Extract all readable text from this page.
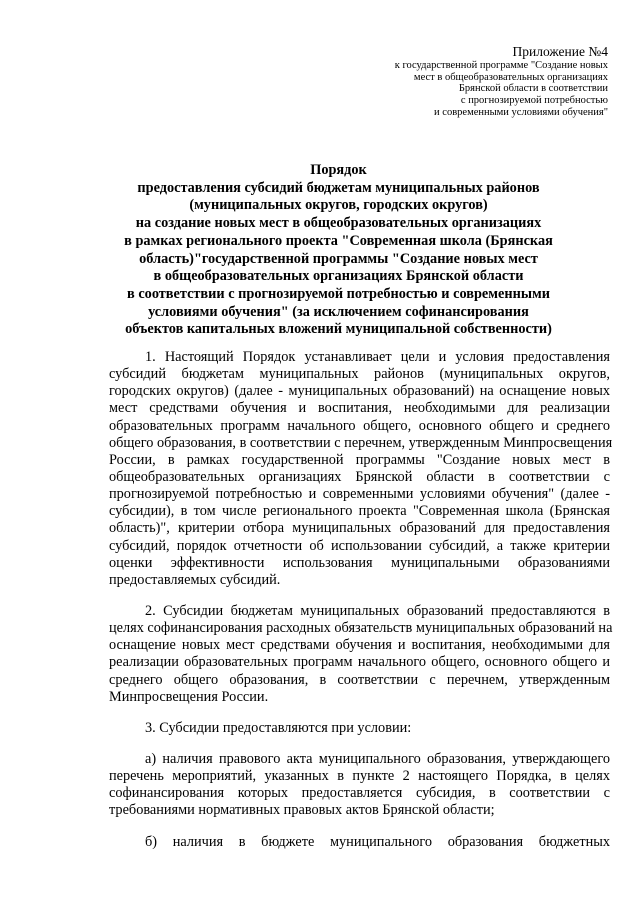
Приложение №4
к государственной программе "Создание новых
мест в общеобразовательных организациях
Брянской области в соответствии
с прогнозируемой потребностью
и современными условиями обучения"
Порядок
предоставления субсидий бюджетам муниципальных районов
(муниципальных округов, городских округов)
на создание новых мест в общеобразовательных организациях
в рамках регионального проекта "Современная школа (Брянская
область)"государственной программы "Создание новых мест
в общеобразовательных организациях Брянской области
в соответствии с прогнозируемой потребностью и современными
условиями обучения" (за исключением софинансирования
объектов капитальных вложений муниципальной собственности)
1. Настоящий Порядок устанавливает цели и условия предоставления
субсидий бюджетам муниципальных районов (муниципальных округов,
городских округов) (далее - муниципальных образований) на оснащение новых
мест средствами обучения и воспитания, необходимыми для реализации
образовательных программ начального общего, основного общего и среднего
общего образования, в соответствии с перечнем, утвержденным Минпросвещения
России, в рамках государственной программы "Создание новых мест в
общеобразовательных организациях Брянской области в соответствии с
прогнозируемой потребностью и современными условиями обучения" (далее -
субсидии), в том числе регионального проекта "Современная школа (Брянская
область)", критерии отбора муниципальных образований для предоставления
субсидий, порядок отчетности об использовании субсидий, а также критерии
оценки эффективности использования муниципальными образованиями
предоставляемых субсидий.
2. Субсидии бюджетам муниципальных образований предоставляются в
целях софинансирования расходных обязательств муниципальных образований на
оснащение новых мест средствами обучения и воспитания, необходимыми для
реализации образовательных программ начального общего, основного общего и
среднего общего образования, в соответствии с перечнем, утвержденным
Минпросвещения России.
3. Субсидии предоставляются при условии:
а) наличия правового акта муниципального образования, утверждающего
перечень мероприятий, указанных в пункте 2 настоящего Порядка, в целях
софинансирования которых предоставляется субсидия, в соответствии с
требованиями нормативных правовых актов Брянской области;
б) наличия в бюджете муниципального образования бюджетных
